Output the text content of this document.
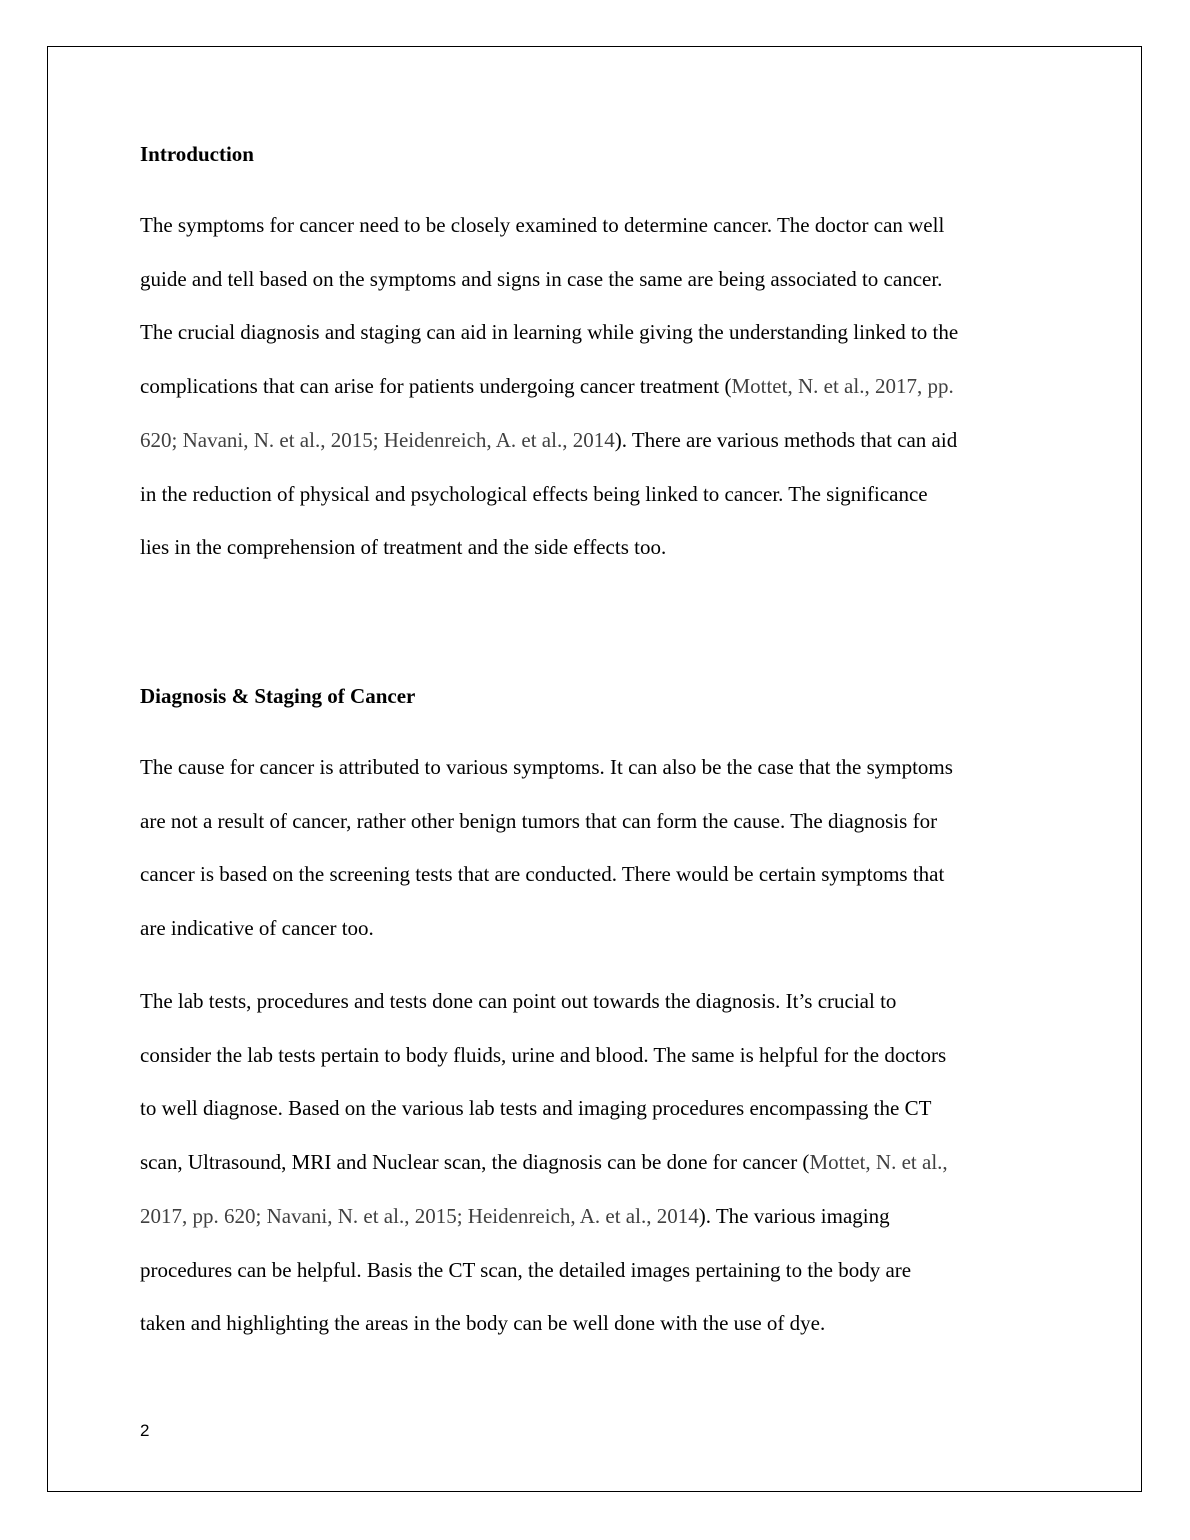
Introduction

The symptoms for cancer need to be closely examined to determine cancer. The doctor can well
guide and tell based on the symptoms and signs in case the same are being associated to cancer.
The crucial diagnosis and staging can aid in learning while giving the understanding linked to the
complications that can arise for patients undergoing cancer treatment (Mottet, N. et al., 2017, pp.
620; Navani, N. et al., 2015; Heidenreich, A. et al., 2014). There are various methods that can aid
in the reduction of physical and psychological effects being linked to cancer. The significance
lies in the comprehension of treatment and the side effects too.

Diagnosis & Staging of Cancer

The cause for cancer is attributed to various symptoms. It can also be the case that the symptoms
are not a result of cancer, rather other benign tumors that can form the cause. The diagnosis for
cancer is based on the screening tests that are conducted. There would be certain symptoms that
are indicative of cancer too.

The lab tests, procedures and tests done can point out towards the diagnosis. It’s crucial to
consider the lab tests pertain to body fluids, urine and blood. The same is helpful for the doctors
to well diagnose. Based on the various lab tests and imaging procedures encompassing the CT
scan, Ultrasound, MRI and Nuclear scan, the diagnosis can be done for cancer (Mottet, N. et al.,
2017, pp. 620; Navani, N. et al., 2015; Heidenreich, A. et al., 2014). The various imaging
procedures can be helpful. Basis the CT scan, the detailed images pertaining to the body are
taken and highlighting the areas in the body can be well done with the use of dye.

2
